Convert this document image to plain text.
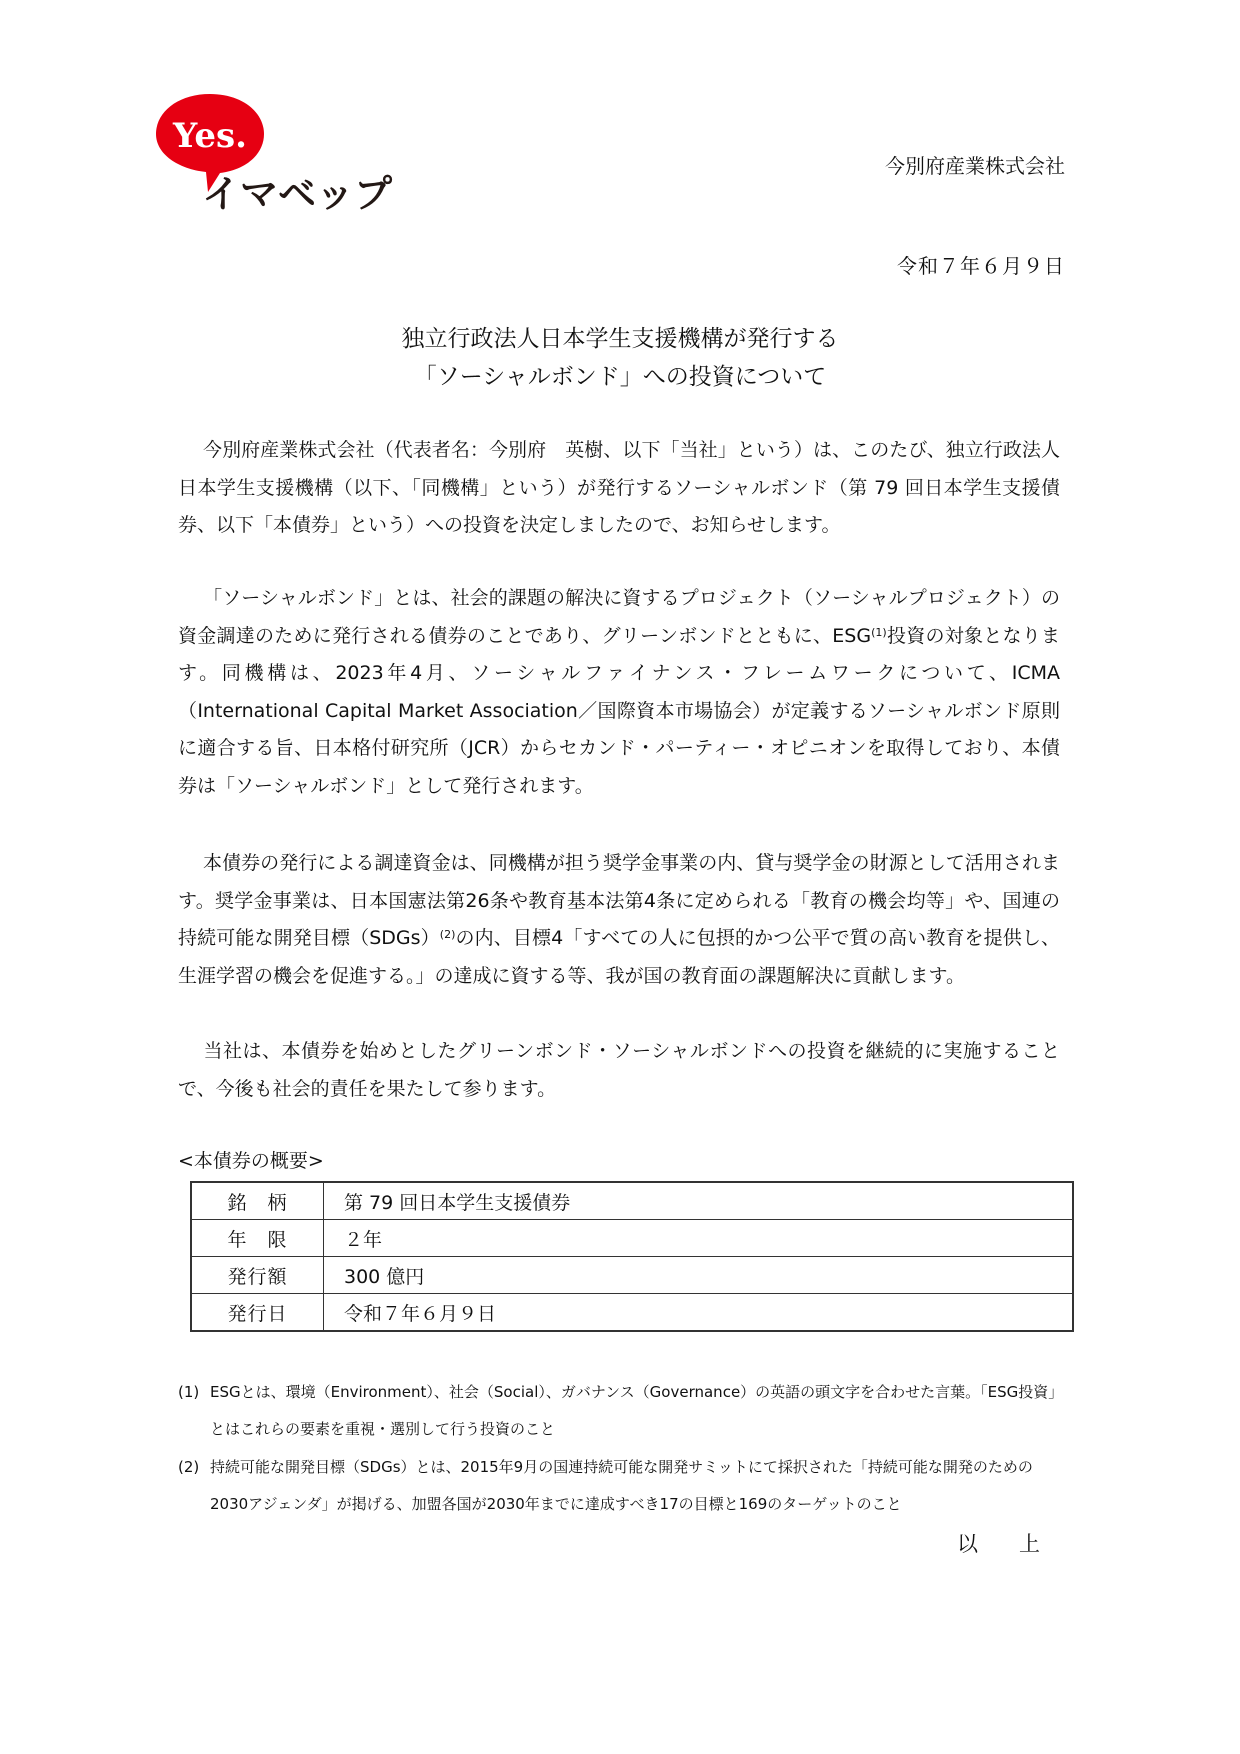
Yes.
イマベップ
今別府産業株式会社
令和７年６月９日
独立行政法人日本学生支援機構が発行する
「ソーシャルボンド」への投資について
今別府産業株式会社（代表者名：今別府　英樹、以下「当社」という）は、このたび、独立行政法人日本学生支援機構（以下、「同機構」という）が発行するソーシャルボンド（第 79 回日本学生支援債券、以下「本債券」という）への投資を決定しましたので、お知らせします。
「ソーシャルボンド」とは、社会的課題の解決に資するプロジェクト（ソーシャルプロジェクト）の資金調達のために発行される債券のことであり、グリーンボンドとともに、ESG$^{(1)}$投資の対象となります。同機構は、2023年4月、ソーシャルファイナンス・フレームワークについて、ICMA（International Capital Market Association／国際資本市場協会）が定義するソーシャルボンド原則に適合する旨、日本格付研究所（JCR）からセカンド・パーティー・オピニオンを取得しており、本債券は「ソーシャルボンド」として発行されます。
本債券の発行による調達資金は、同機構が担う奨学金事業の内、貸与奨学金の財源として活用されます。奨学金事業は、日本国憲法第26条や教育基本法第4条に定められる「教育の機会均等」や、国連の持続可能な開発目標（SDGs）$^{(2)}$の内、目標4「すべての人に包摂的かつ公平で質の高い教育を提供し、生涯学習の機会を促進する。」の達成に資する等、我が国の教育面の課題解決に貢献します。
当社は、本債券を始めとしたグリーンボンド・ソーシャルボンドへの投資を継続的に実施することで、今後も社会的責任を果たして参ります。
<本債券の概要>
銘　柄	第 79 回日本学生支援債券
年　限	２年
発行額	300 億円
発行日	令和７年６月９日
(1) ESGとは、環境（Environment）、社会（Social）、ガバナンス（Governance）の英語の頭文字を合わせた言葉。「ESG投資」
とはこれらの要素を重視・選別して行う投資のこと
(2) 持続可能な開発目標（SDGs）とは、2015年9月の国連持続可能な開発サミットにて採択された「持続可能な開発のための
2030アジェンダ」が掲げる、加盟各国が2030年までに達成すべき17の目標と169のターゲットのこと
以　上
